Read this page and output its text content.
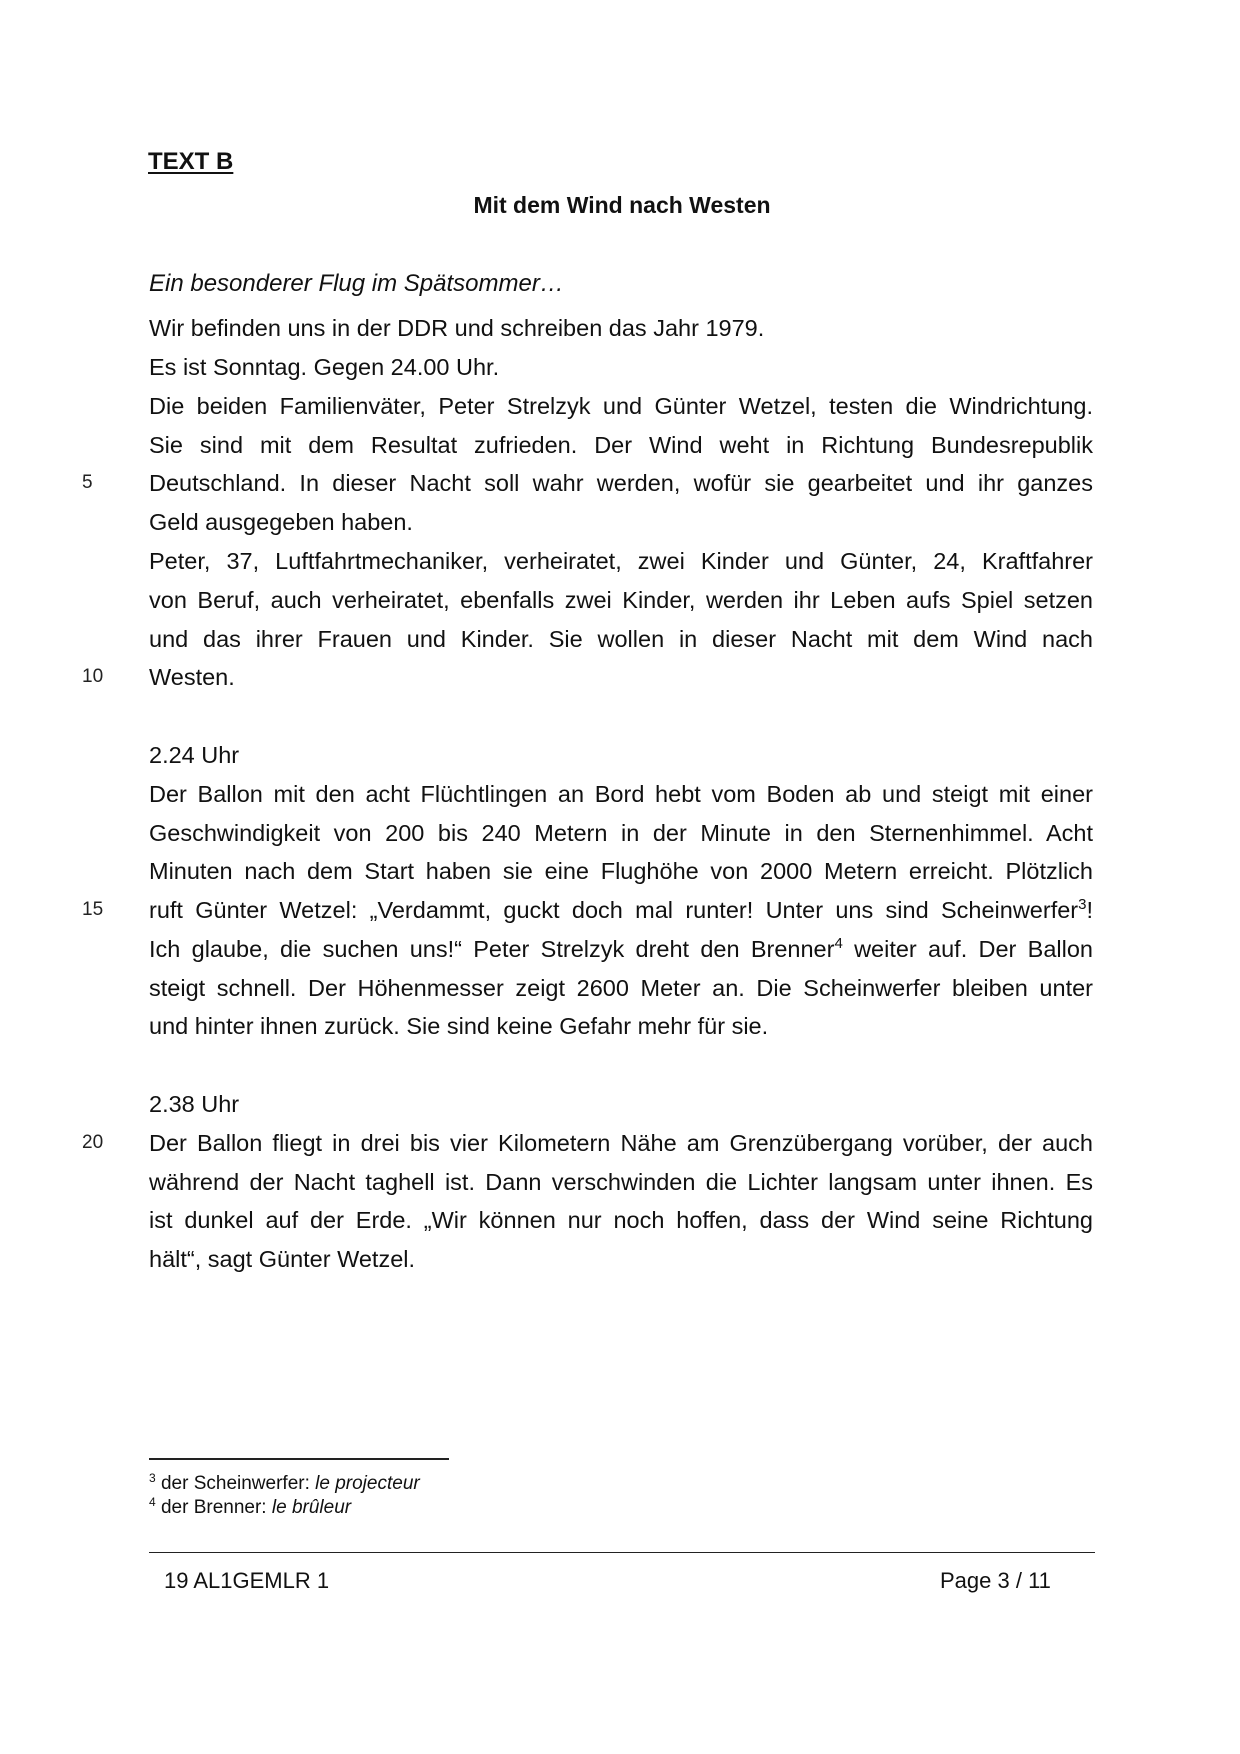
TEXT B
Mit dem Wind nach Westen
Ein besonderer Flug im Spätsommer…
Wir befinden uns in der DDR und schreiben das Jahr 1979.
Es ist Sonntag. Gegen 24.00 Uhr.
Die beiden Familienväter, Peter Strelzyk und Günter Wetzel, testen die Windrichtung.
Sie sind mit dem Resultat zufrieden. Der Wind weht in Richtung Bundesrepublik
5	Deutschland. In dieser Nacht soll wahr werden, wofür sie gearbeitet und ihr ganzes
Geld ausgegeben haben.
Peter, 37, Luftfahrtmechaniker, verheiratet, zwei Kinder und Günter, 24, Kraftfahrer
von Beruf, auch verheiratet, ebenfalls zwei Kinder, werden ihr Leben aufs Spiel setzen
und das ihrer Frauen und Kinder. Sie wollen in dieser Nacht mit dem Wind nach
10	Westen.
2.24 Uhr
Der Ballon mit den acht Flüchtlingen an Bord hebt vom Boden ab und steigt mit einer
Geschwindigkeit von 200 bis 240 Metern in der Minute in den Sternenhimmel. Acht
Minuten nach dem Start haben sie eine Flughöhe von 2000 Metern erreicht. Plötzlich
15	ruft Günter Wetzel: „Verdammt, guckt doch mal runter! Unter uns sind Scheinwerfer$^3$!
Ich glaube, die suchen uns!“ Peter Strelzyk dreht den Brenner$^4$ weiter auf. Der Ballon
steigt schnell. Der Höhenmesser zeigt 2600 Meter an. Die Scheinwerfer bleiben unter
und hinter ihnen zurück. Sie sind keine Gefahr mehr für sie.
2.38 Uhr
20	Der Ballon fliegt in drei bis vier Kilometern Nähe am Grenzübergang vorüber, der auch
während der Nacht taghell ist. Dann verschwinden die Lichter langsam unter ihnen. Es
ist dunkel auf der Erde. „Wir können nur noch hoffen, dass der Wind seine Richtung
hält“, sagt Günter Wetzel.
$^3$ der Scheinwerfer: le projecteur
$^4$ der Brenner: le brûleur
19 AL1GEMLR 1	Page 3 / 11
